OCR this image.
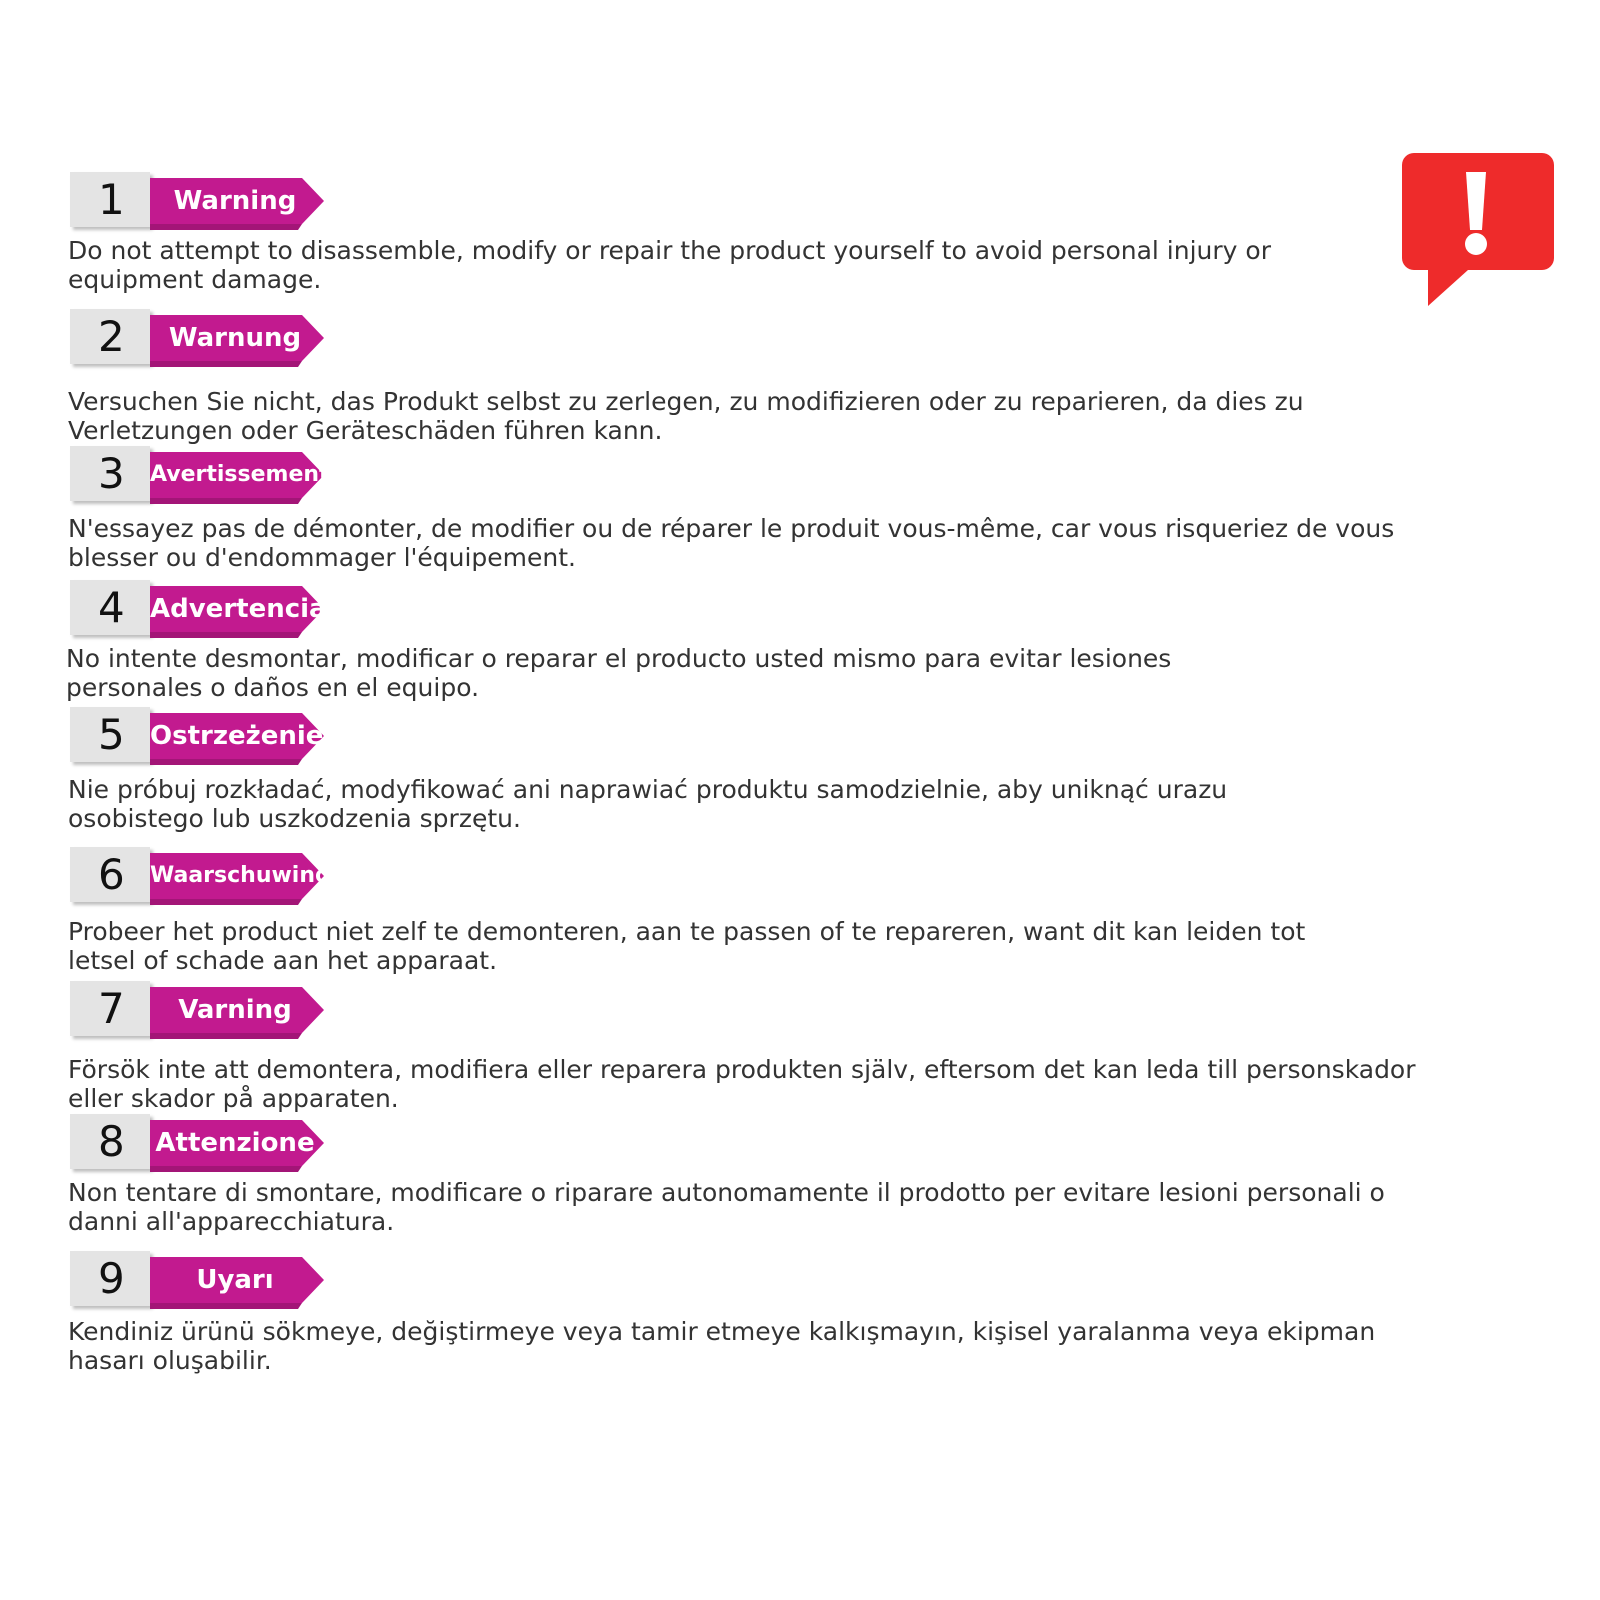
1	Warning
Do not attempt to disassemble, modify or repair the product yourself to avoid personal injury or
equipment damage.
2	Warnung
Versuchen Sie nicht, das Produkt selbst zu zerlegen, zu modifizieren oder zu reparieren, da dies zu
Verletzungen oder Geräteschäden führen kann.
3	Avertissement
N'essayez pas de démonter, de modifier ou de réparer le produit vous-même, car vous risqueriez de vous
blesser ou d'endommager l'équipement.
4 Advertencia
No intente desmontar, modificar o reparar el producto usted mismo para evitar lesiones
personales o daños en el equipo.
5 Ostrzeżenie
Nie próbuj rozkładać, modyfikować ani naprawiać produktu samodzielnie, aby uniknąć urazu
osobistego lub uszkodzenia sprzętu.
6	Waarschuwing
Probeer het product niet zelf te demonteren, aan te passen of te repareren, want dit kan leiden tot
letsel of schade aan het apparaat.
7	Varning
Försök inte att demontera, modifiera eller reparera produkten själv, eftersom det kan leda till personskador
eller skador på apparaten.
8	Attenzione
Non tentare di smontare, modificare o riparare autonomamente il prodotto per evitare lesioni personali o
danni all'apparecchiatura.
9	Uyarı
Kendiniz ürünü sökmeye, değiştirmeye veya tamir etmeye kalkışmayın, kişisel yaralanma veya ekipman
hasarı oluşabilir.
